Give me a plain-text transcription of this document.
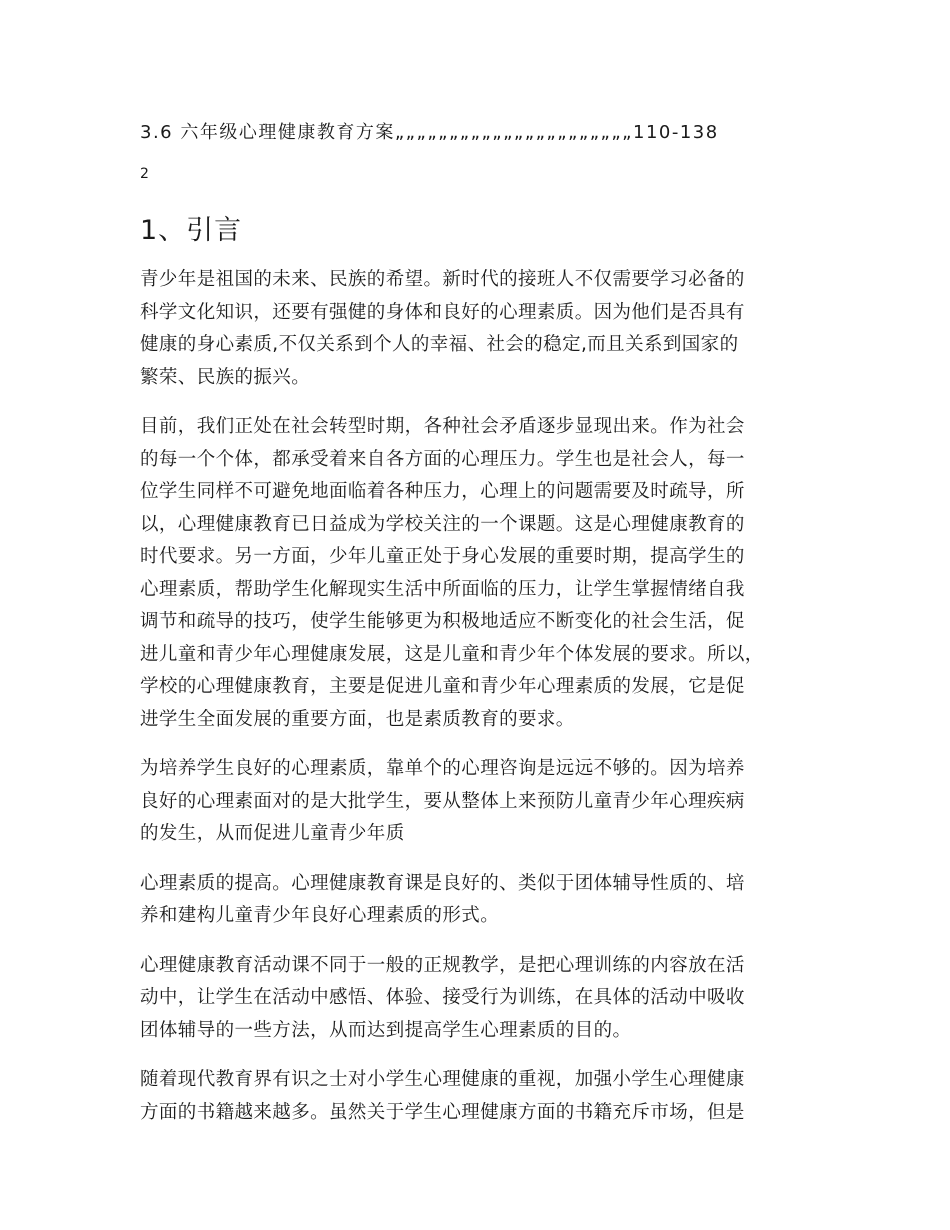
3.6 六年级心理健康教育方案„„„„„„„„„„„„„„„„„„„„„„110-138
2
1、引言

青少年是祖国的未来、民族的希望。新时代的接班人不仅需要学习必备的
科学文化知识，还要有强健的身体和良好的心理素质。因为他们是否具有
健康的身心素质,不仅关系到个人的幸福、社会的稳定,而且关系到国家的
繁荣、民族的振兴。

目前，我们正处在社会转型时期，各种社会矛盾逐步显现出来。作为社会
的每一个个体，都承受着来自各方面的心理压力。学生也是社会人，每一
位学生同样不可避免地面临着各种压力，心理上的问题需要及时疏导，所
以，心理健康教育已日益成为学校关注的一个课题。这是心理健康教育的
时代要求。另一方面，少年儿童正处于身心发展的重要时期，提高学生的
心理素质，帮助学生化解现实生活中所面临的压力，让学生掌握情绪自我
调节和疏导的技巧，使学生能够更为积极地适应不断变化的社会生活，促
进儿童和青少年心理健康发展，这是儿童和青少年个体发展的要求。所以，
学校的心理健康教育，主要是促进儿童和青少年心理素质的发展，它是促
进学生全面发展的重要方面，也是素质教育的要求。

为培养学生良好的心理素质，靠单个的心理咨询是远远不够的。因为培养
良好的心理素面对的是大批学生，要从整体上来预防儿童青少年心理疾病
的发生，从而促进儿童青少年质

心理素质的提高。心理健康教育课是良好的、类似于团体辅导性质的、培
养和建构儿童青少年良好心理素质的形式。

心理健康教育活动课不同于一般的正规教学，是把心理训练的内容放在活
动中，让学生在活动中感悟、体验、接受行为训练，在具体的活动中吸收
团体辅导的一些方法，从而达到提高学生心理素质的目的。

随着现代教育界有识之士对小学生心理健康的重视，加强小学生心理健康
方面的书籍越来越多。虽然关于学生心理健康方面的书籍充斥市场，但是
